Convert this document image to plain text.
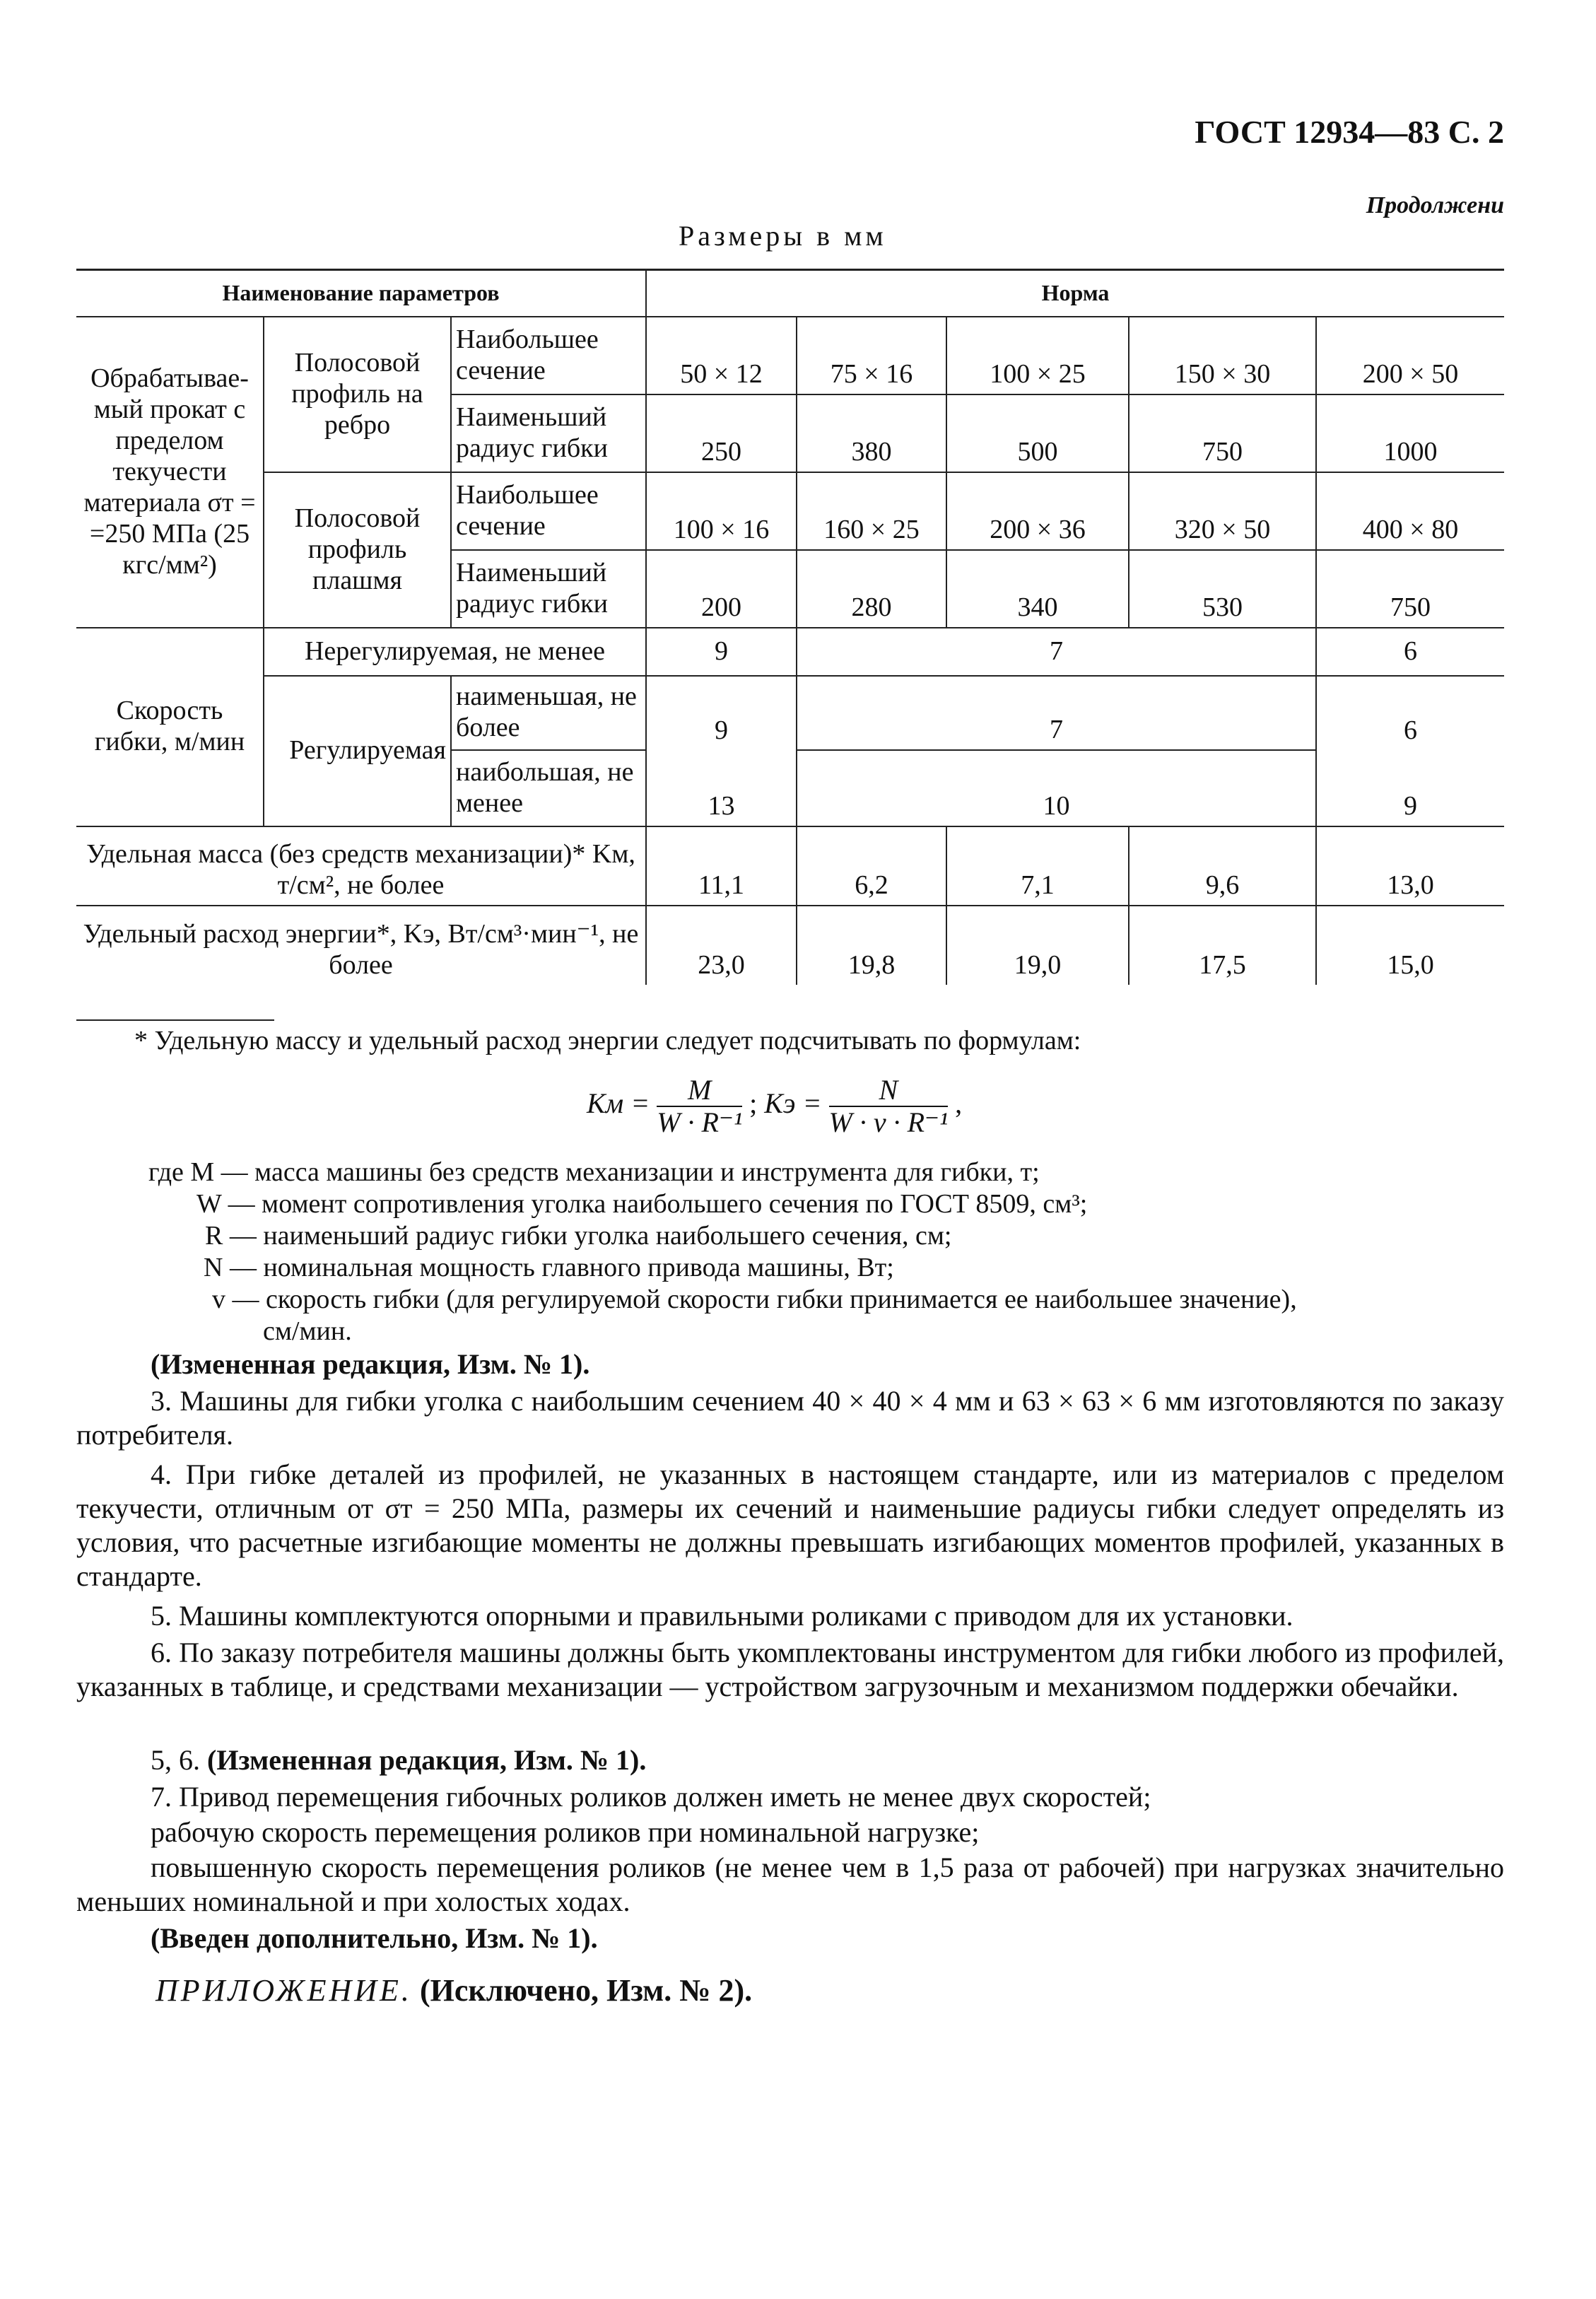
ГОСТ 12934—83 С. 2
Продолжени
Размеры в мм
Наименование параметров			Норма				
Обрабатывае-мый прокат с пределом текучести материала σт = =250 МПа (25 кгс/мм²)	Полосовой профиль на ребро	Наибольшее сечение	50 × 12	75 × 16	100 × 25	150 × 30	200 × 50
		Наименьший радиус гибки	250	380	500	750	1000
	Полосовой профиль плашмя	Наибольшее сечение	100 × 16	160 × 25	200 × 36	320 × 50	400 × 80
		Наименьший радиус гибки	200	280	340	530	750
Скорость гибки, м/мин	Нерегулируемая, не менее		9	7			6
	Регулируемая	наименьшая, не более	9	7			6
		наибольшая, не менее	13	10			9
Удельная масса (без средств механизации)* Kм, т/см², не более			11,1	6,2	7,1	9,6	13,0
Удельный расход энергии*, Kэ, Вт/см³·мин⁻¹, не более			23,0	19,8	19,0	17,5	15,0
* Удельную массу и удельный расход энергии следует подсчитывать по формулам:
Kм = $\frac{M}{\text{W · R⁻¹}}$ ; Kэ = $\frac{N}{\text{W · v · R⁻¹}}$ ,
где M — масса машины без средств механизации и инструмента для гибки, т;
W — момент сопротивления уголка наибольшего сечения по ГОСТ 8509, см³;
R — наименьший радиус гибки уголка наибольшего сечения, см;
N — номинальная мощность главного привода машины, Вт;
v — скорость гибки (для регулируемой скорости гибки принимается ее наибольшее значение),
см/мин.
(Измененная редакция, Изм. № 1).
3. Машины для гибки уголка с наибольшим сечением 40 × 40 × 4 мм и 63 × 63 × 6 мм изготовляются по заказу потребителя.
4. При гибке деталей из профилей, не указанных в настоящем стандарте, или из материалов с пределом текучести, отличным от σт = 250 МПа, размеры их сечений и наименьшие радиусы гибки следует определять из условия, что расчетные изгибающие моменты не должны превышать изгибающих моментов профилей, указанных в стандарте.
5. Машины комплектуются опорными и правильными роликами с приводом для их установки.
6. По заказу потребителя машины должны быть укомплектованы инструментом для гибки любого из профилей, указанных в таблице, и средствами механизации — устройством загрузочным и механизмом поддержки обечайки.
5, 6. (Измененная редакция, Изм. № 1).
7. Привод перемещения гибочных роликов должен иметь не менее двух скоростей;
рабочую скорость перемещения роликов при номинальной нагрузке;
повышенную скорость перемещения роликов (не менее чем в 1,5 раза от рабочей) при нагрузках значительно меньших номинальной и при холостых ходах.
(Введен дополнительно, Изм. № 1).
ПРИЛОЖЕНИЕ. (Исключено, Изм. № 2).
